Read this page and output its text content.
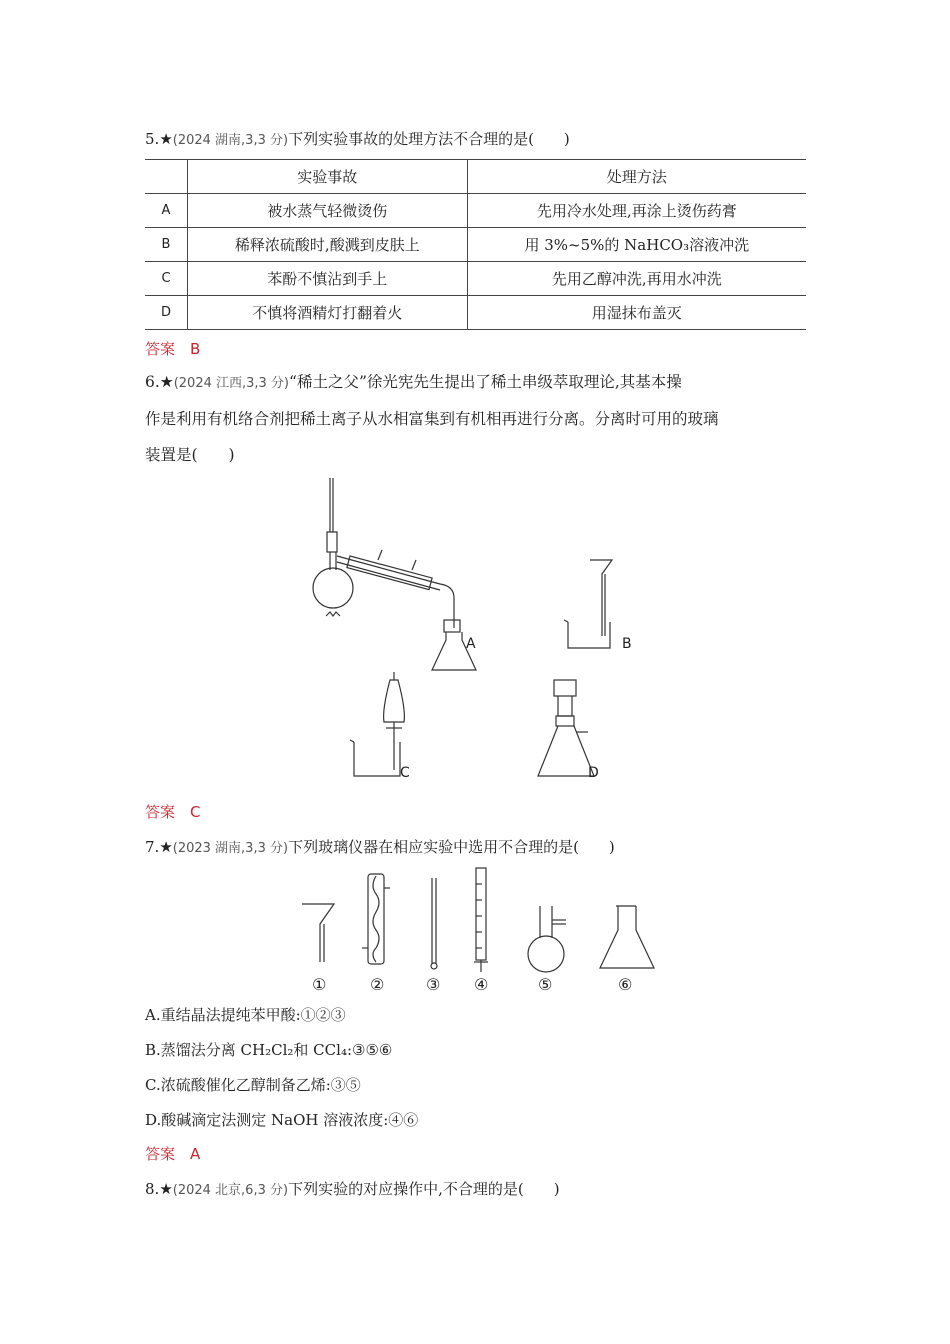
5.★(2024 湖南,3,3 分)下列实验事故的处理方法不合理的是(　　)
	实验事故	处理方法
A	被水蒸气轻微烫伤	先用冷水处理,再涂上烫伤药膏
B	稀释浓硫酸时,酸溅到皮肤上	用 3%~5%的 NaHCO₃溶液冲洗
C	苯酚不慎沾到手上	先用乙醇冲洗,再用水冲洗
D	不慎将酒精灯打翻着火	用湿抹布盖灭
答案　B
6.★(2024 江西,3,3 分)“稀土之父”徐光宪先生提出了稀土串级萃取理论,其基本操
作是利用有机络合剂把稀土离子从水相富集到有机相再进行分离。分离时可用的玻璃
装置是(　　)
A	B
C	D
答案　C
7.★(2023 湖南,3,3 分)下列玻璃仪器在相应实验中选用不合理的是(　　)
①	②	③ ④	⑤	⑥
A.重结晶法提纯苯甲酸:①②③
B.蒸馏法分离 CH₂Cl₂和 CCl₄:③⑤⑥
C.浓硫酸催化乙醇制备乙烯:③⑤
D.酸碱滴定法测定 NaOH 溶液浓度:④⑥
答案　A
8.★(2024 北京,6,3 分)下列实验的对应操作中,不合理的是(　　)
